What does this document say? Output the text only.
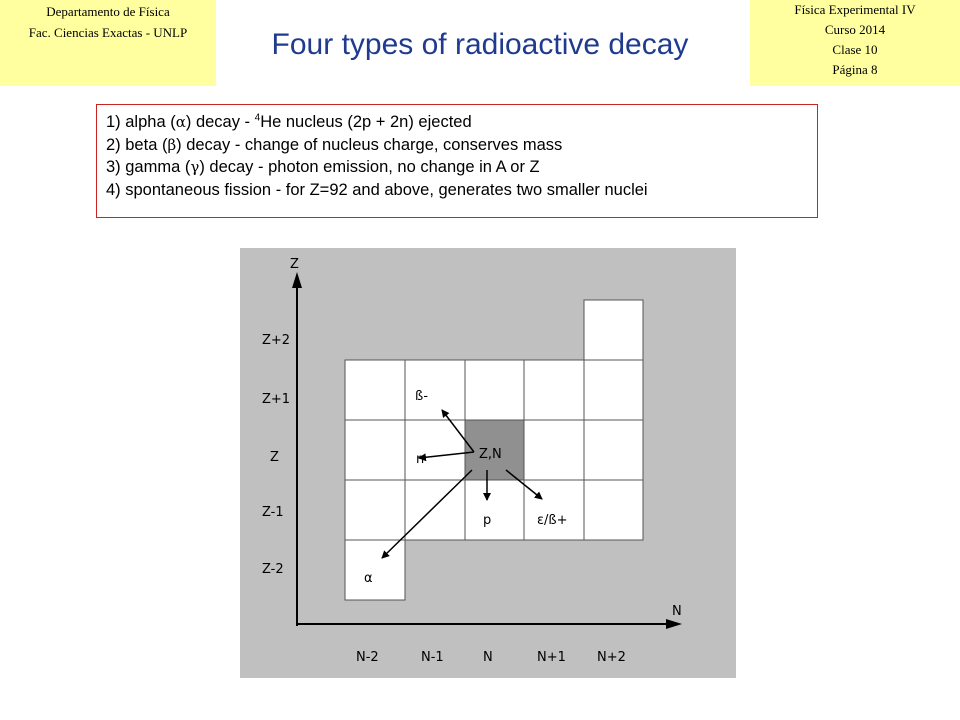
Departamento de Física
Fac. Ciencias Exactas - UNLP
Física Experimental IV
Curso 2014
Clase 10
Página 8
Four types of radioactive decay
1) alpha (α) decay - $^4$He nucleus (2p + 2n) ejected
2) beta (β) decay - change of nucleus charge, conserves mass
3) gamma (γ) decay - photon emission, no change in A or Z
4) spontaneous fission - for Z=92 and above, generates two smaller nuclei
Z
N
Z+2
Z+1
Z
Z-1
Z-2
N-2	N-1	N	N+1 N+2
ß-
n	Z,N
p	ε/ß+
α
